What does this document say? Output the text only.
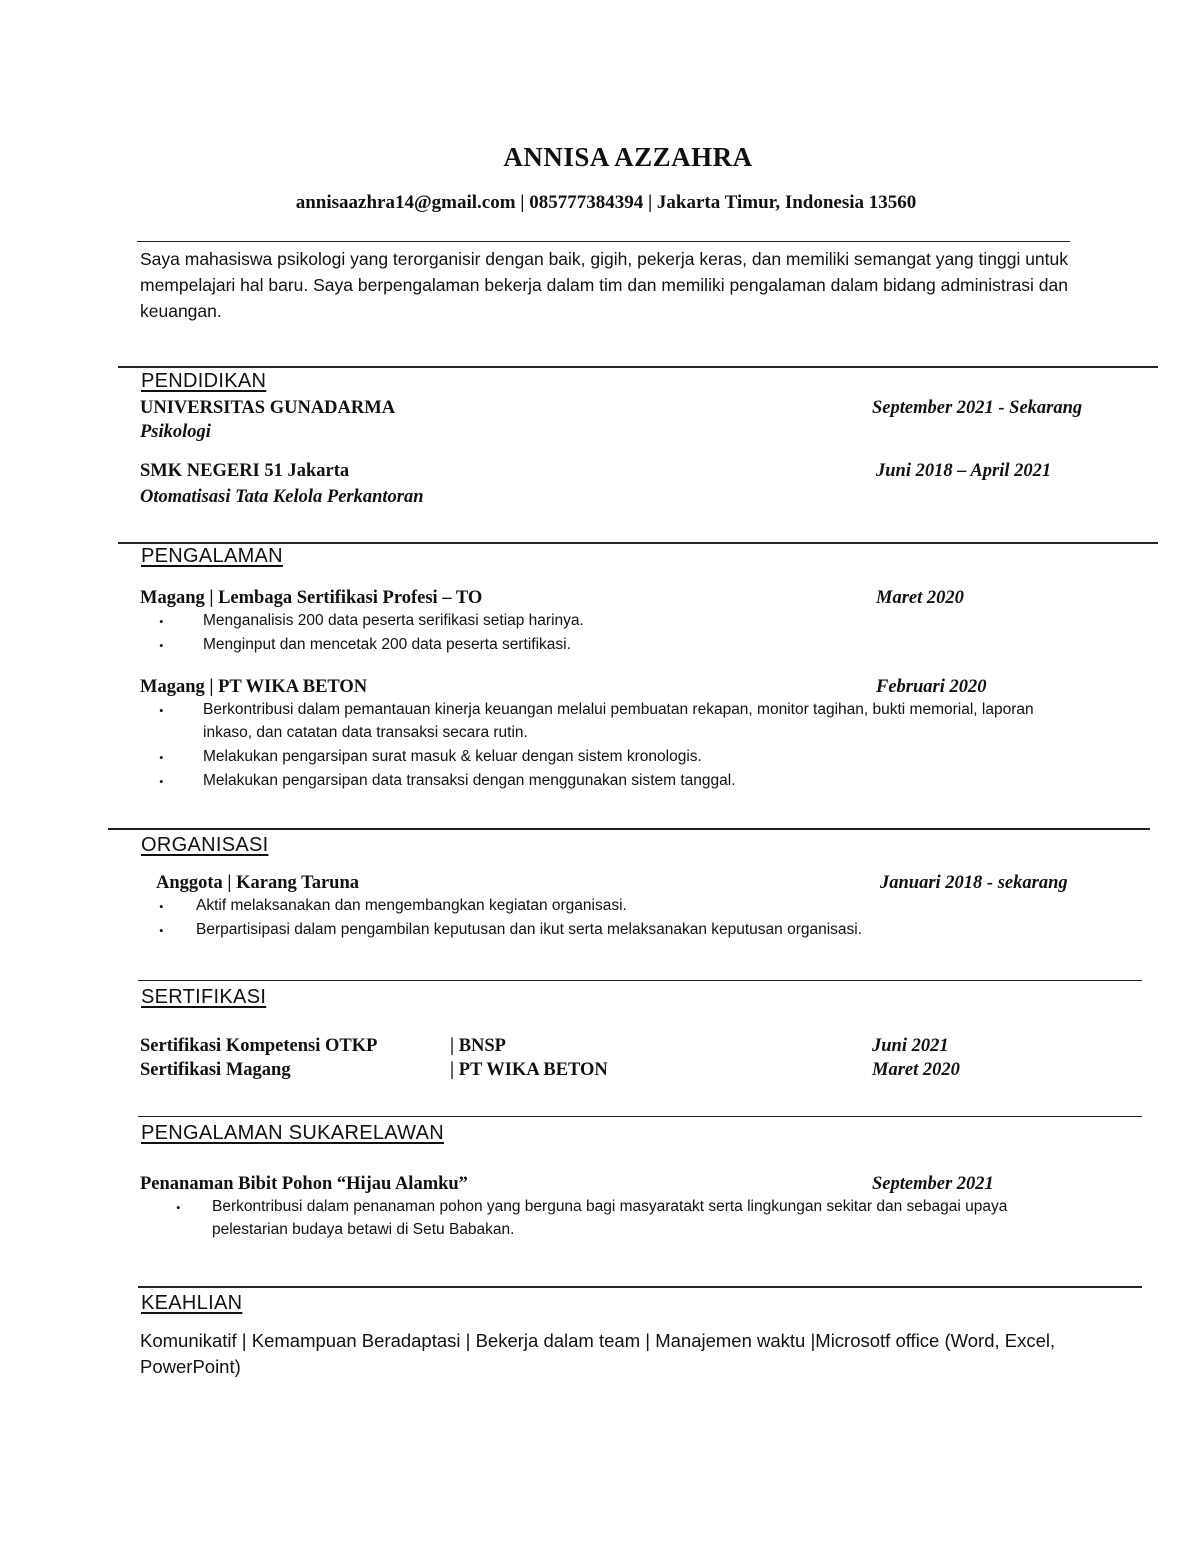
ANNISA AZZAHRA
annisaazhra14@gmail.com | 085777384394 | Jakarta Timur, Indonesia 13560
Saya mahasiswa psikologi yang terorganisir dengan baik, gigih, pekerja keras, dan memiliki semangat yang tinggi untuk mempelajari hal baru. Saya berpengalaman bekerja dalam tim dan memiliki pengalaman dalam bidang administrasi dan keuangan.
PENDIDIKAN
UNIVERSITAS GUNADARMA	September 2021 - Sekarang
Psikologi
SMK NEGERI 51 Jakarta	Juni 2018 – April 2021
Otomatisasi Tata Kelola Perkantoran
PENGALAMAN
Magang | Lembaga Sertifikasi Profesi – TO	Maret 2020
•	Menganalisis 200 data peserta serifikasi setiap harinya.
•	Menginput dan mencetak 200 data peserta sertifikasi.
Magang | PT WIKA BETON	Februari 2020
•	Berkontribusi dalam pemantauan kinerja keuangan melalui pembuatan rekapan, monitor tagihan, bukti memorial, laporan
inkaso, dan catatan data transaksi secara rutin.
•	Melakukan pengarsipan surat masuk & keluar dengan sistem kronologis.
•	Melakukan pengarsipan data transaksi dengan menggunakan sistem tanggal.
ORGANISASI
Anggota | Karang Taruna	Januari 2018 - sekarang
• Aktif melaksanakan dan mengembangkan kegiatan organisasi.
• Berpartisipasi dalam pengambilan keputusan dan ikut serta melaksanakan keputusan organisasi.
SERTIFIKASI
Sertifikasi Kompetensi OTKP	| BNSP	Juni 2021
Sertifikasi Magang	| PT WIKA BETON	Maret 2020
PENGALAMAN SUKARELAWAN
Penanaman Bibit Pohon “Hijau Alamku”	September 2021
• Berkontribusi dalam penanaman pohon yang berguna bagi masyaratakt serta lingkungan sekitar dan sebagai upaya
pelestarian budaya betawi di Setu Babakan.
KEAHLIAN
Komunikatif | Kemampuan Beradaptasi | Bekerja dalam team | Manajemen waktu |Microsotf office (Word, Excel, PowerPoint)
